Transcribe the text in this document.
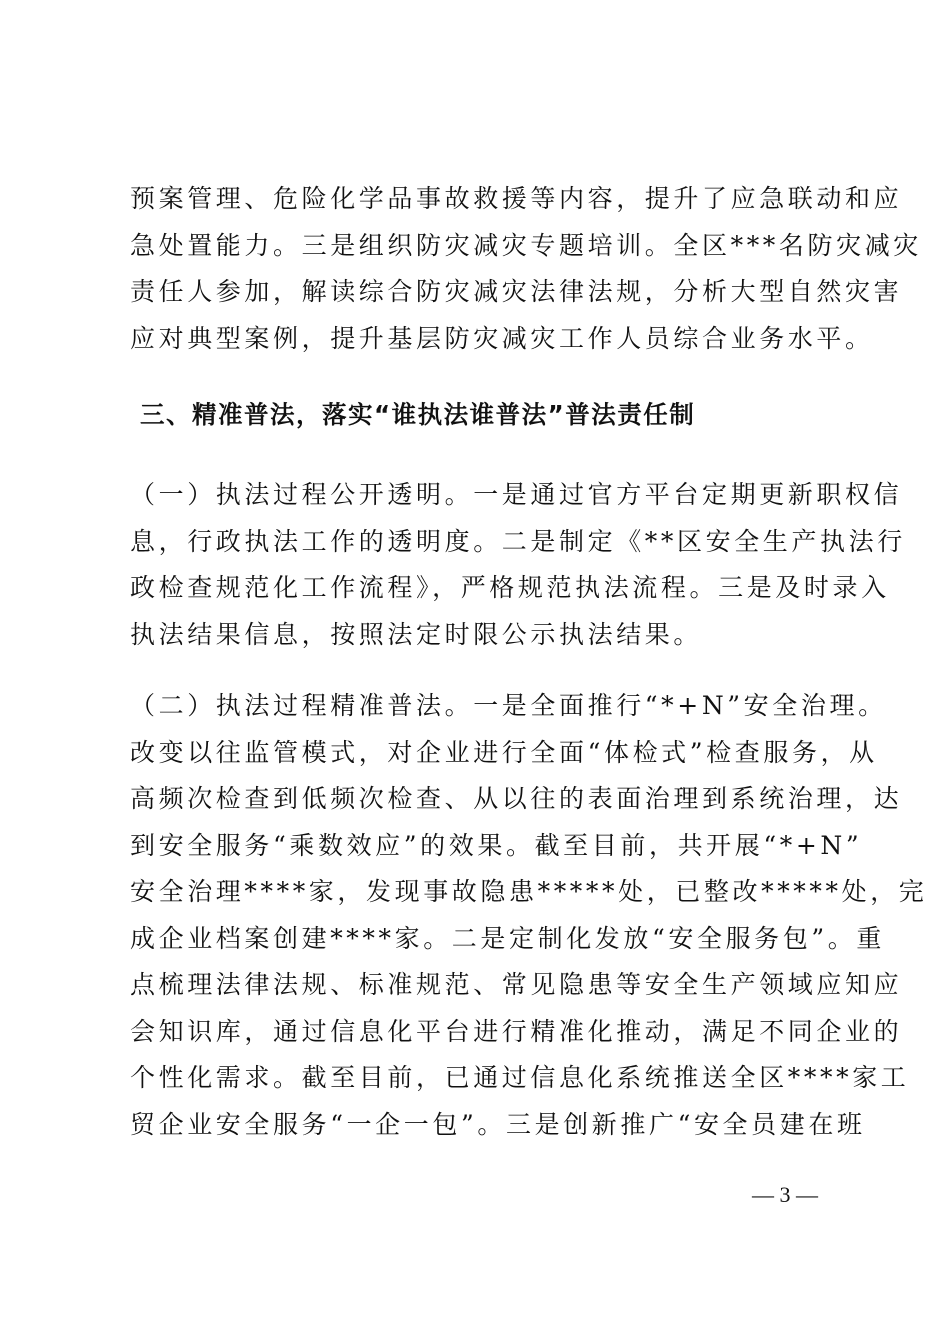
预案管理、危险化学品事故救援等内容，提升了应急联动和应
急处置能力。三是组织防灾减灾专题培训。全区***名防灾减灾
责任人参加，解读综合防灾减灾法律法规，分析大型自然灾害
应对典型案例，提升基层防灾减灾工作人员综合业务水平。
三、精准普法，落实“谁执法谁普法”普法责任制
（一）执法过程公开透明。一是通过官方平台定期更新职权信
息，行政执法工作的透明度。二是制定《**区安全生产执法行
政检查规范化工作流程》，严格规范执法流程。三是及时录入
执法结果信息，按照法定时限公示执法结果。
（二）执法过程精准普法。一是全面推行“*+N”安全治理。
改变以往监管模式，对企业进行全面“体检式”检查服务，从
高频次检查到低频次检查、从以往的表面治理到系统治理，达
到安全服务“乘数效应”的效果。截至目前，共开展“*+N”
安全治理****家，发现事故隐患*****处，已整改*****处，完
成企业档案创建****家。二是定制化发放“安全服务包”。重
点梳理法律法规、标准规范、常见隐患等安全生产领域应知应
会知识库，通过信息化平台进行精准化推动，满足不同企业的
个性化需求。截至目前，已通过信息化系统推送全区****家工
贸企业安全服务“一企一包”。三是创新推广“安全员建在班
— 3 —
